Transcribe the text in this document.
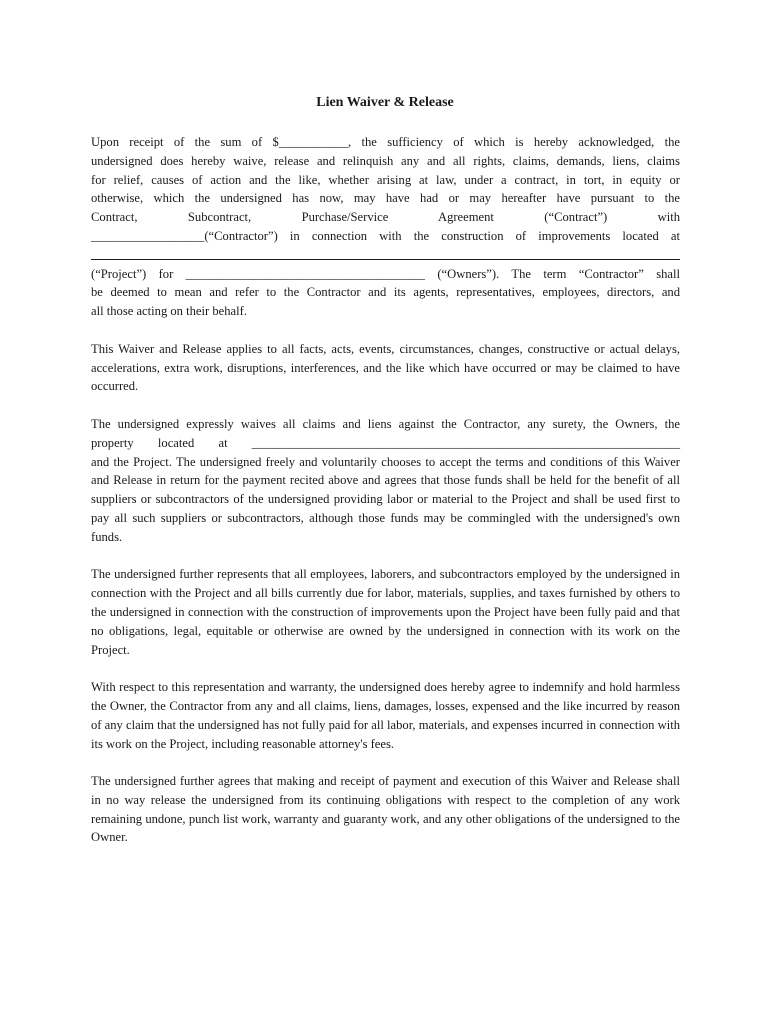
Lien Waiver & Release
Upon receipt of the sum of $___________, the sufficiency of which is hereby acknowledged, the
undersigned does hereby waive, release and relinquish any and all rights, claims, demands, liens, claims
for relief, causes of action and the like, whether arising at law, under a contract, in tort, in equity or
otherwise, which the undersigned has now, may have had or may hereafter have pursuant to the
Contract, Subcontract, Purchase/Service Agreement (“Contract”) with
__________________(“Contractor”) in connection with the construction of improvements located at
(“Project”) for ______________________________________ (“Owners”). The term “Contractor” shall
be deemed to mean and refer to the Contractor and its agents, representatives, employees, directors, and
all those acting on their behalf.

This Waiver and Release applies to all facts, acts, events, circumstances, changes, constructive or actual delays, accelerations, extra work, disruptions, interferences, and the like which have occurred or may be claimed to have occurred.

The undersigned expressly waives all claims and liens against the Contractor, any surety, the Owners, the
property located at ____________________________________________________________________
and the Project. The undersigned freely and voluntarily chooses to accept the terms and conditions of this Waiver and Release in return for the payment recited above and agrees that those funds shall be held for the benefit of all suppliers or subcontractors of the undersigned providing labor or material to the Project and shall be used first to pay all such suppliers or subcontractors, although those funds may be commingled with the undersigned's own funds.

The undersigned further represents that all employees, laborers, and subcontractors employed by the undersigned in connection with the Project and all bills currently due for labor, materials, supplies, and taxes furnished by others to the undersigned in connection with the construction of improvements upon the Project have been fully paid and that no obligations, legal, equitable or otherwise are owned by the undersigned in connection with its work on the Project.

With respect to this representation and warranty, the undersigned does hereby agree to indemnify and hold harmless the Owner, the Contractor from any and all claims, liens, damages, losses, expensed and the like incurred by reason of any claim that the undersigned has not fully paid for all labor, materials, and expenses incurred in connection with its work on the Project, including reasonable attorney's fees.

The undersigned further agrees that making and receipt of payment and execution of this Waiver and Release shall in no way release the undersigned from its continuing obligations with respect to the completion of any work remaining undone, punch list work, warranty and guaranty work, and any other obligations of the undersigned to the Owner.
